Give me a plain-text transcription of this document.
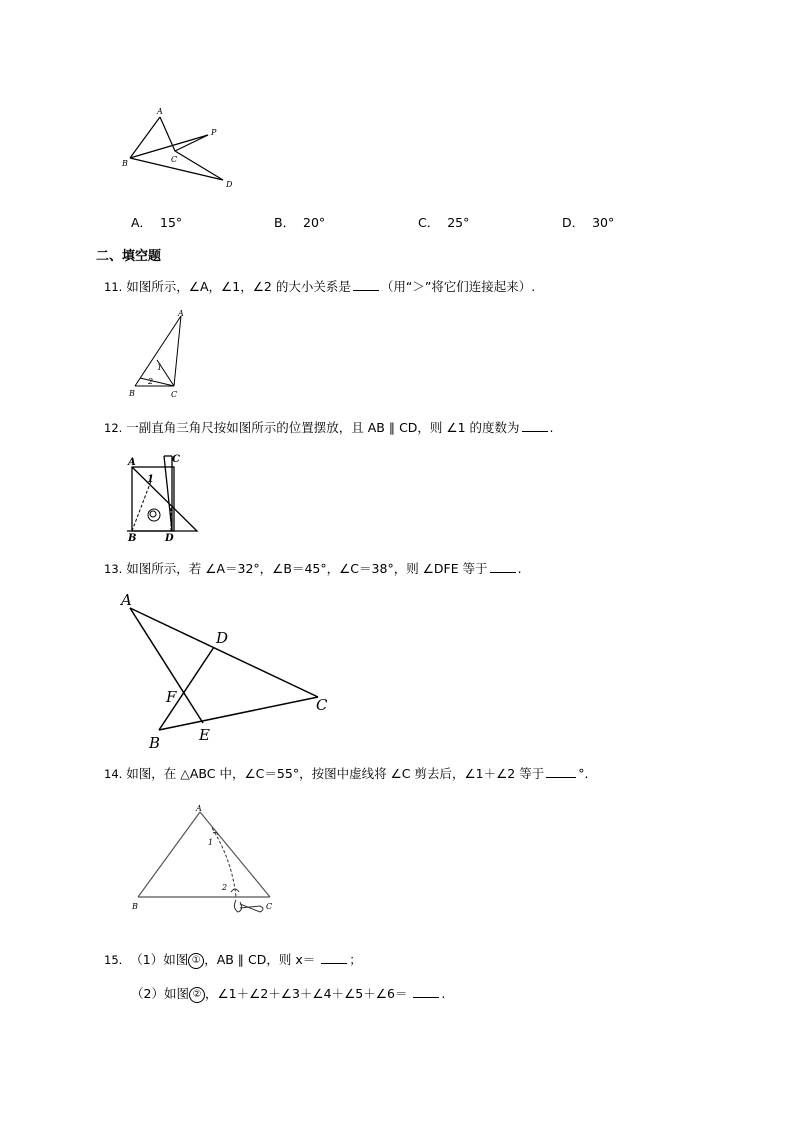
A
B	C
D
P
A． 15°	B． 20°	C． 25°	D． 30°
二、填空题
11. 如图所示，∠A，∠1，∠2 的大小关系是 （用“＞”将它们连接起来）.
A
B	C
1
2
12. 一副直角三角尺按如图所示的位置摆放，且 AB ∥ CD，则 ∠1 的度数为 .
A
B
C
D
1
13. 如图所示，若 ∠A＝32°，∠B＝45°，∠C＝38°，则 ∠DFE 等于 .
A
B
C
D
E
F
14. 如图，在 △ABC 中，∠C＝55°，按图中虚线将 ∠C 剪去后，∠1＋∠2 等于	°.
A
B	C
1
2
15. （1）如图 ① ，AB ∥ CD，则 x＝	；
（2）如图 ② ，∠1＋∠2＋∠3＋∠4＋∠5＋∠6＝	.
